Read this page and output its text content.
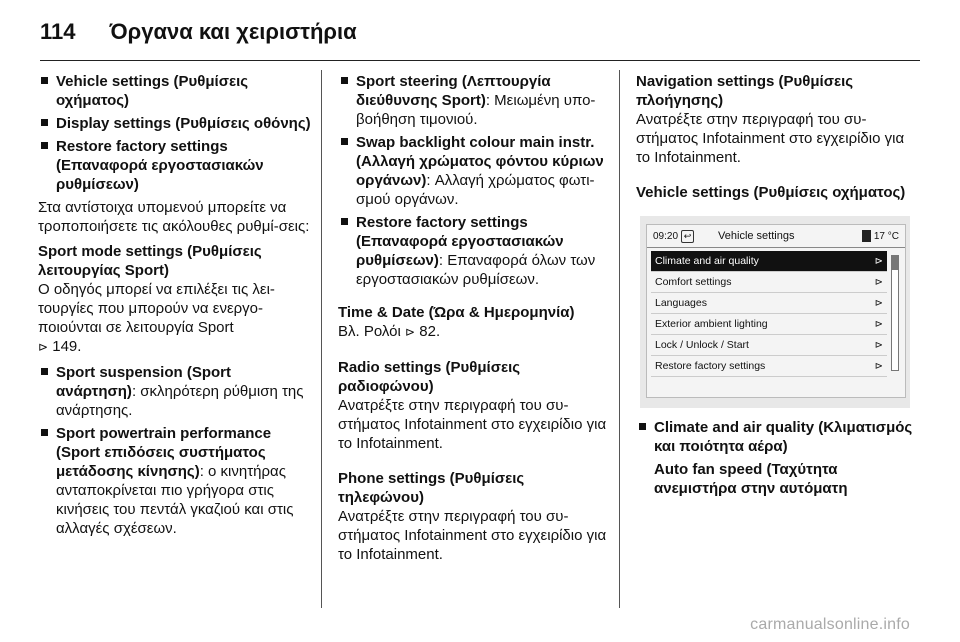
114 Όργανα και χειριστήρια
Vehicle settings (Ρυθμίσεις οχήματος)
Display settings (Ρυθμίσεις οθόνης)
Restore factory settings (Επαναφορά εργοστασιακών ρυθμίσεων)

Στα αντίστοιχα υπομενού μπορείτε να τροποποιήσετε τις ακόλουθες ρυθμί-σεις:

Sport mode settings (Ρυθμίσεις λειτουργίας Sport)

Ο οδηγός μπορεί να επιλέξει τις λει-τουργίες που μπορούν να ενεργο-ποιούνται σε λειτουργία Sport
⊳ 149.

Sport suspension (Sport ανάρτηση): σκληρότερη ρύθμιση της ανάρτησης.
Sport powertrain performance (Sport επιδόσεις συστήματος μετάδοσης κίνησης): ο κινητήρας ανταποκρίνεται πιο γρήγορα στις κινήσεις του πεντάλ γκαζιού και στις αλλαγές σχέσεων.
Sport steering (Λεπτουργία διεύθυνσης Sport): Μειωμένη υπο-βοήθηση τιμονιού.
Swap backlight colour main instr. (Αλλαγή χρώματος φόντου κύριων οργάνων): Αλλαγή χρώματος φωτι-σμού οργάνων.
Restore factory settings (Επαναφορά εργοστασιακών ρυθμίσεων): Επαναφορά όλων των εργοστασιακών ρυθμίσεων.

Time & Date (Ώρα & Ημερομηνία)

Βλ. Ρολόι ⊳ 82.

Radio settings (Ρυθμίσεις ραδιοφώνου)

Ανατρέξτε στην περιγραφή του συ-στήματος Infotainment στο εγχειρίδιο για το Infotainment.

Phone settings (Ρυθμίσεις τηλεφώνου)

Ανατρέξτε στην περιγραφή του συ-στήματος Infotainment στο εγχειρίδιο για το Infotainment.

Navigation settings (Ρυθμίσεις πλοήγησης)

Ανατρέξτε στην περιγραφή του συ-στήματος Infotainment στο εγχειρίδιο για το Infotainment.

Vehicle settings (Ρυθμίσεις οχήματος)

09:20 ↩ Vehicle settings	17 °C
Climate and air quality	⊳
Comfort settings	⊳
Languages	⊳
Exterior ambient lighting	⊳
Lock / Unlock / Start	⊳
Restore factory settings	⊳
Climate and air quality (Κλιματισμός και ποιότητα αέρα)

Auto fan speed (Ταχύτητα ανεμιστήρα στην αυτόματη

carmanualsonline.info
